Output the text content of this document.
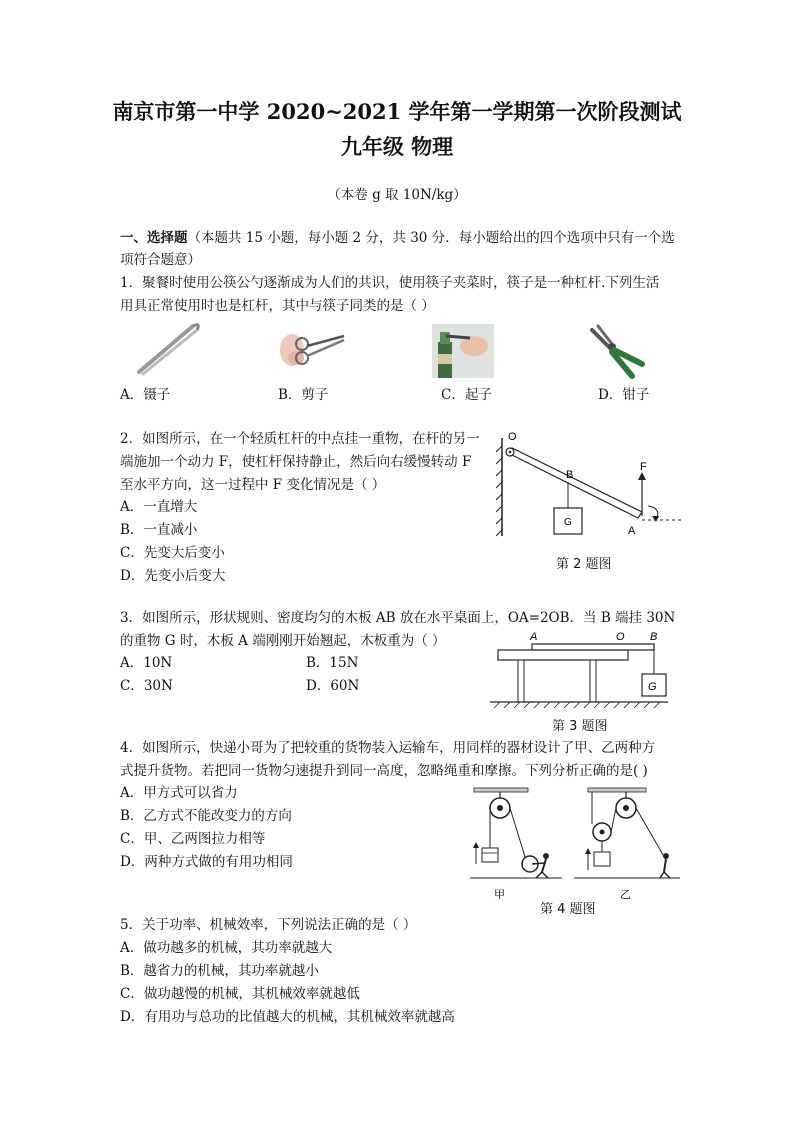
南京市第一中学 2020~2021 学年第一学期第一次阶段测试
九年级 物理
（本卷 g 取 10N/kg）
一、选择题（本题共 15 小题，每小题 2 分，共 30 分．每小题给出的四个选项中只有一个选
项符合题意）
1．聚餐时使用公筷公勺逐渐成为人们的共识，使用筷子夹菜时，筷子是一种杠杆.下列生活
用具正常使用时也是杠杆，其中与筷子同类的是（ ）
A．镊子	B．剪子	C．起子	D．钳子
2．如图所示，在一个轻质杠杆的中点挂一重物，在杆的另一
端施加一个动力 F，使杠杆保持静止，然后向右缓慢转动 F
至水平方向，这一过程中 F 变化情况是（ ）
A．一直增大
B．一直减小
C．先变大后变小
D．先变小后变大
O
B
F
A
G
第 2 题图
3．如图所示，形状规则、密度均匀的木板 AB 放在水平桌面上，OA=2OB．当 B 端挂 30N
的重物 G 时，木板 A 端刚刚开始翘起，木板重为（ ）
A．10N	B．15N
C．30N	D．60N
A	O B
G
第 3 题图
4．如图所示，快递小哥为了把较重的货物装入运输车，用同样的器材设计了甲、乙两种方
式提升货物。若把同一货物匀速提升到同一高度，忽略绳重和摩擦。下列分析正确的是( )
A．甲方式可以省力
B．乙方式不能改变力的方向
C．甲、乙两图拉力相等
D．两种方式做的有用功相同
甲	乙
第 4 题图
5．关于功率、机械效率，下列说法正确的是（ ）
A．做功越多的机械，其功率就越大
B．越省力的机械，其功率就越小
C．做功越慢的机械，其机械效率就越低
D．有用功与总功的比值越大的机械，其机械效率就越高
